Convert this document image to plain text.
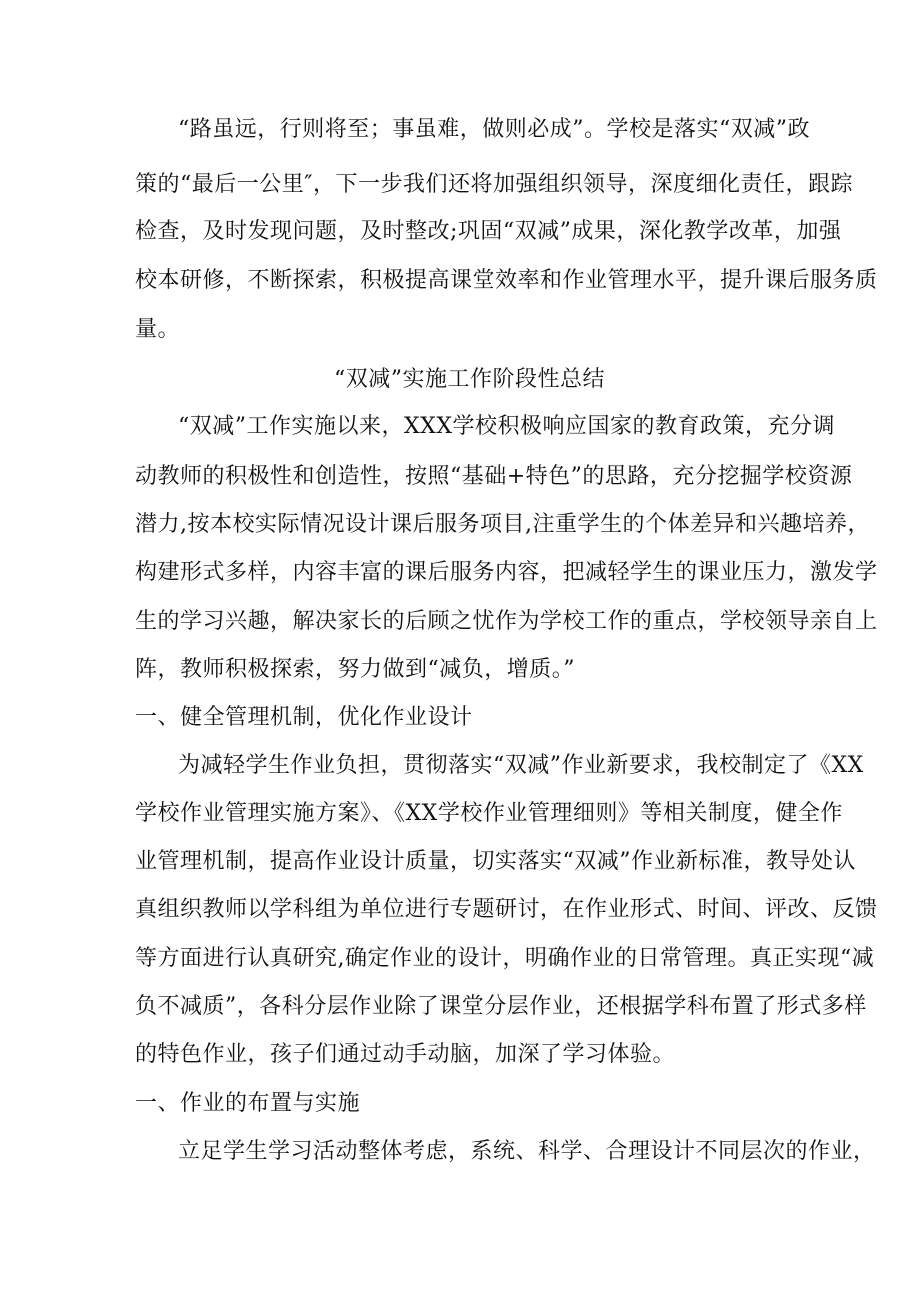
“路虽远，行则将至；事虽难，做则必成”。学校是落实“双减”政
策的“最后一公里″，下一步我们还将加强组织领导，深度细化责任，跟踪
检查，及时发现问题，及时整改;巩固“双减”成果，深化教学改革，加强
校本研修，不断探索，积极提高课堂效率和作业管理水平，提升课后服务质
量。
“双减”实施工作阶段性总结
“双减”工作实施以来，XXX学校积极响应国家的教育政策，充分调
动教师的积极性和创造性，按照“基础+特色”的思路，充分挖掘学校资源
潜力,按本校实际情况设计课后服务项目,注重学生的个体差异和兴趣培养，
构建形式多样，内容丰富的课后服务内容，把减轻学生的课业压力，激发学
生的学习兴趣，解决家长的后顾之忧作为学校工作的重点，学校领导亲自上
阵，教师积极探索，努力做到“减负，增质。”
一、健全管理机制，优化作业设计
为减轻学生作业负担，贯彻落实“双减”作业新要求，我校制定了《XX
学校作业管理实施方案》、《XX学校作业管理细则》等相关制度，健全作
业管理机制，提高作业设计质量，切实落实“双减”作业新标准，教导处认
真组织教师以学科组为单位进行专题研讨，在作业形式、时间、评改、反馈
等方面进行认真研究,确定作业的设计，明确作业的日常管理。真正实现“减
负不减质”，各科分层作业除了课堂分层作业，还根据学科布置了形式多样
的特色作业，孩子们通过动手动脑，加深了学习体验。
一、作业的布置与实施
立足学生学习活动整体考虑，系统、科学、合理设计不同层次的作业，
